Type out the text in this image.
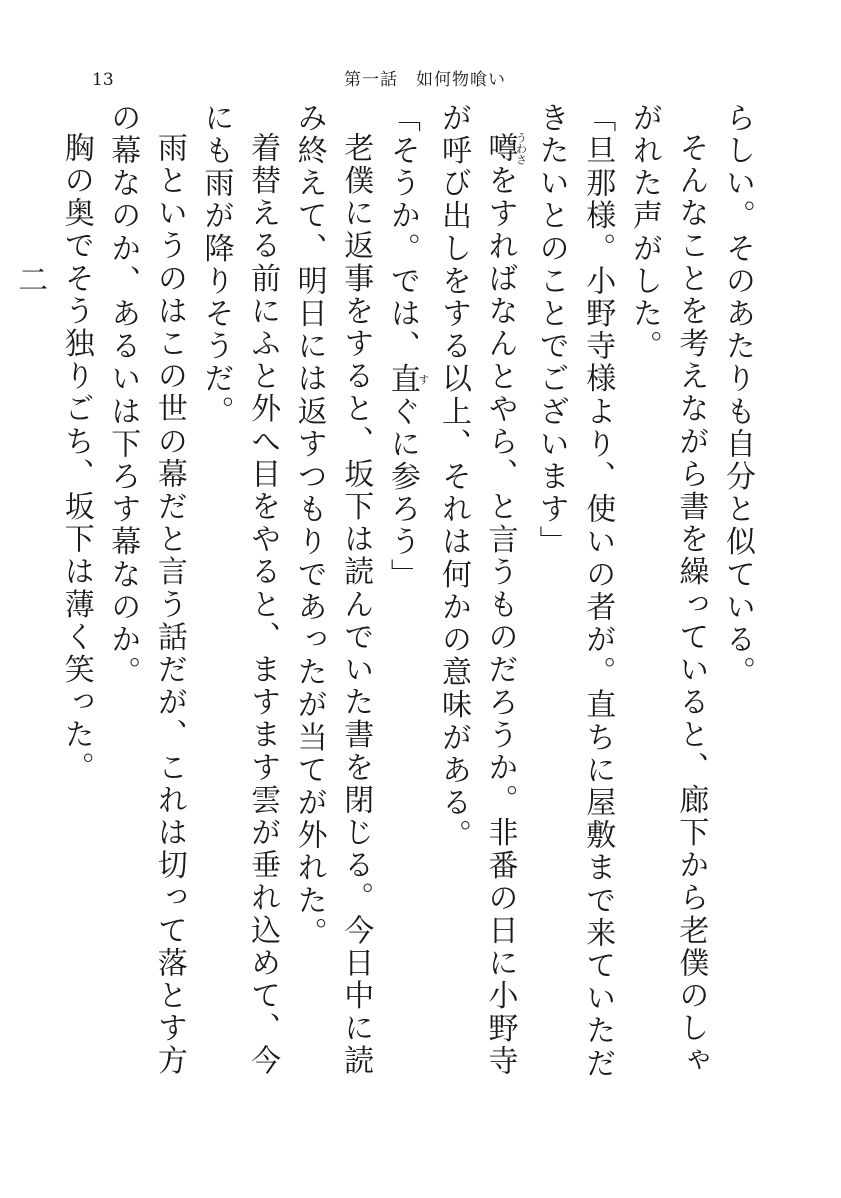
13	第一話　如何物喰い

らしい。そのあたりも自分と似ている。

そんなことを考えながら書を繰っていると、廊下から老僕のしゃがれた声がした。

「旦那様。小野寺様より、使いの者が。直ちに屋敷まで来ていただきたいとのことでございます」

噂うわさをすればなんとやら、と言うものだろうか。非番の日に小野寺が呼び出しをする以上、それは何かの意味がある。

「そうか。では、直すぐに参ろう」

老僕に返事をすると、坂下は読んでいた書を閉じる。今日中に読み終えて、明日には返すつもりであったが当てが外れた。

着替える前にふと外へ目をやると、ますます雲が垂れ込めて、今にも雨が降りそうだ。

雨というのはこの世の幕だと言う話だが、これは切って落とす方の幕なのか、あるいは下ろす幕なのか。

胸の奥でそう独りごち、坂下は薄く笑った。

二
